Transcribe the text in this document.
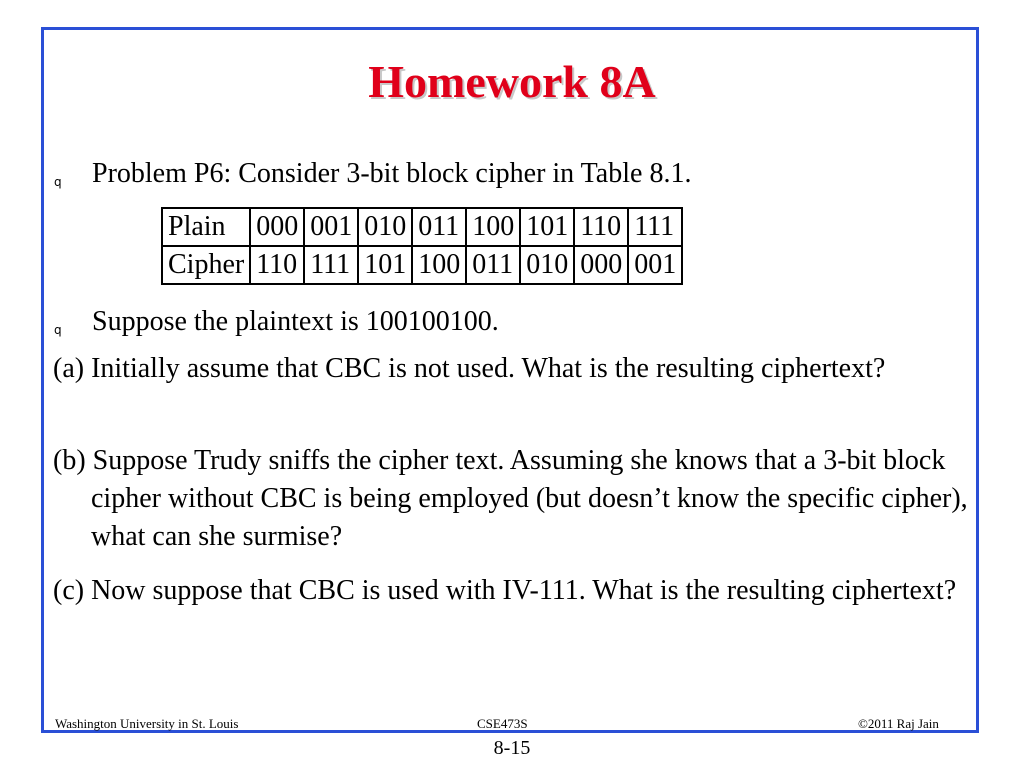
Homework 8A
q Problem P6: Consider 3-bit block cipher in Table 8.1.
Plain	000	001	010	011	100	101	110	111
Cipher	110	111	101	100	011	010	000	001
q Suppose the plaintext is 100100100.
(a) Initially assume that CBC is not used. What is the resulting ciphertext?
(b) Suppose Trudy sniffs the cipher text. Assuming she knows that a 3-bit block cipher without CBC is being employed (but doesn’t know the specific cipher), what can she surmise?
(c) Now suppose that CBC is used with IV-111. What is the resulting ciphertext?
Washington University in St. Louis	CSE473S	©2011 Raj Jain
8-15
